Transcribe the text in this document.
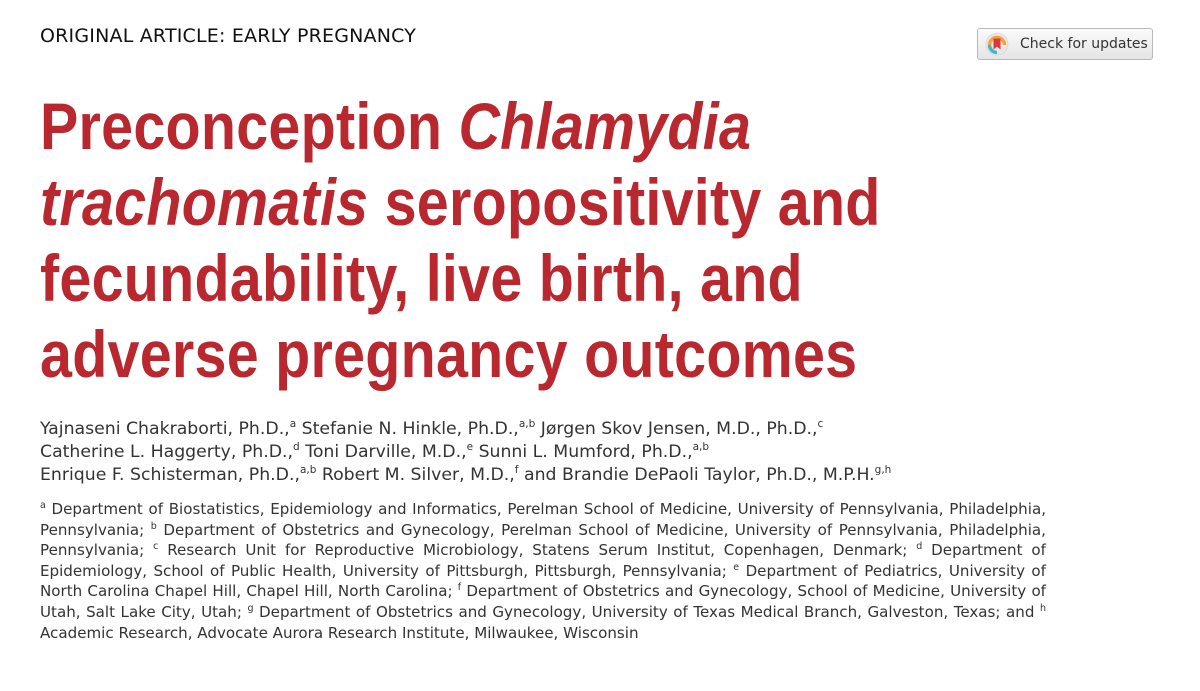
ORIGINAL ARTICLE: EARLY PREGNANCY	Check for updates
Preconception Chlamydia trachomatis seropositivity and fecundability, live birth, and adverse pregnancy outcomes
Yajnaseni Chakraborti, Ph.D.,$^a$ Stefanie N. Hinkle, Ph.D.,$^{a,b}$ Jørgen Skov Jensen, M.D., Ph.D.,$^c$
Catherine L. Haggerty, Ph.D.,$^d$ Toni Darville, M.D.,$^e$ Sunni L. Mumford, Ph.D.,$^{a,b}$
Enrique F. Schisterman, Ph.D.,$^{a,b}$ Robert M. Silver, M.D.,$^f$ and Brandie DePaoli Taylor, Ph.D., M.P.H.$^{g,h}$
$^a$ Department of Biostatistics, Epidemiology and Informatics, Perelman School of Medicine, University of Pennsylvania, Philadelphia, Pennsylvania; $^b$ Department of Obstetrics and Gynecology, Perelman School of Medicine, University of Pennsylvania, Philadelphia, Pennsylvania; $^c$ Research Unit for Reproductive Microbiology, Statens Serum Institut, Copenhagen, Denmark; $^d$ Department of Epidemiology, School of Public Health, University of Pittsburgh, Pittsburgh, Pennsylvania; $^e$ Department of Pediatrics, University of North Carolina Chapel Hill, Chapel Hill, North Carolina; $^f$ Department of Obstetrics and Gynecology, School of Medicine, University of Utah, Salt Lake City, Utah; $^g$ Department of Obstetrics and Gynecology, University of Texas Medical Branch, Galveston, Texas; and $^h$ Academic Research, Advocate Aurora Research Institute, Milwaukee, Wisconsin
